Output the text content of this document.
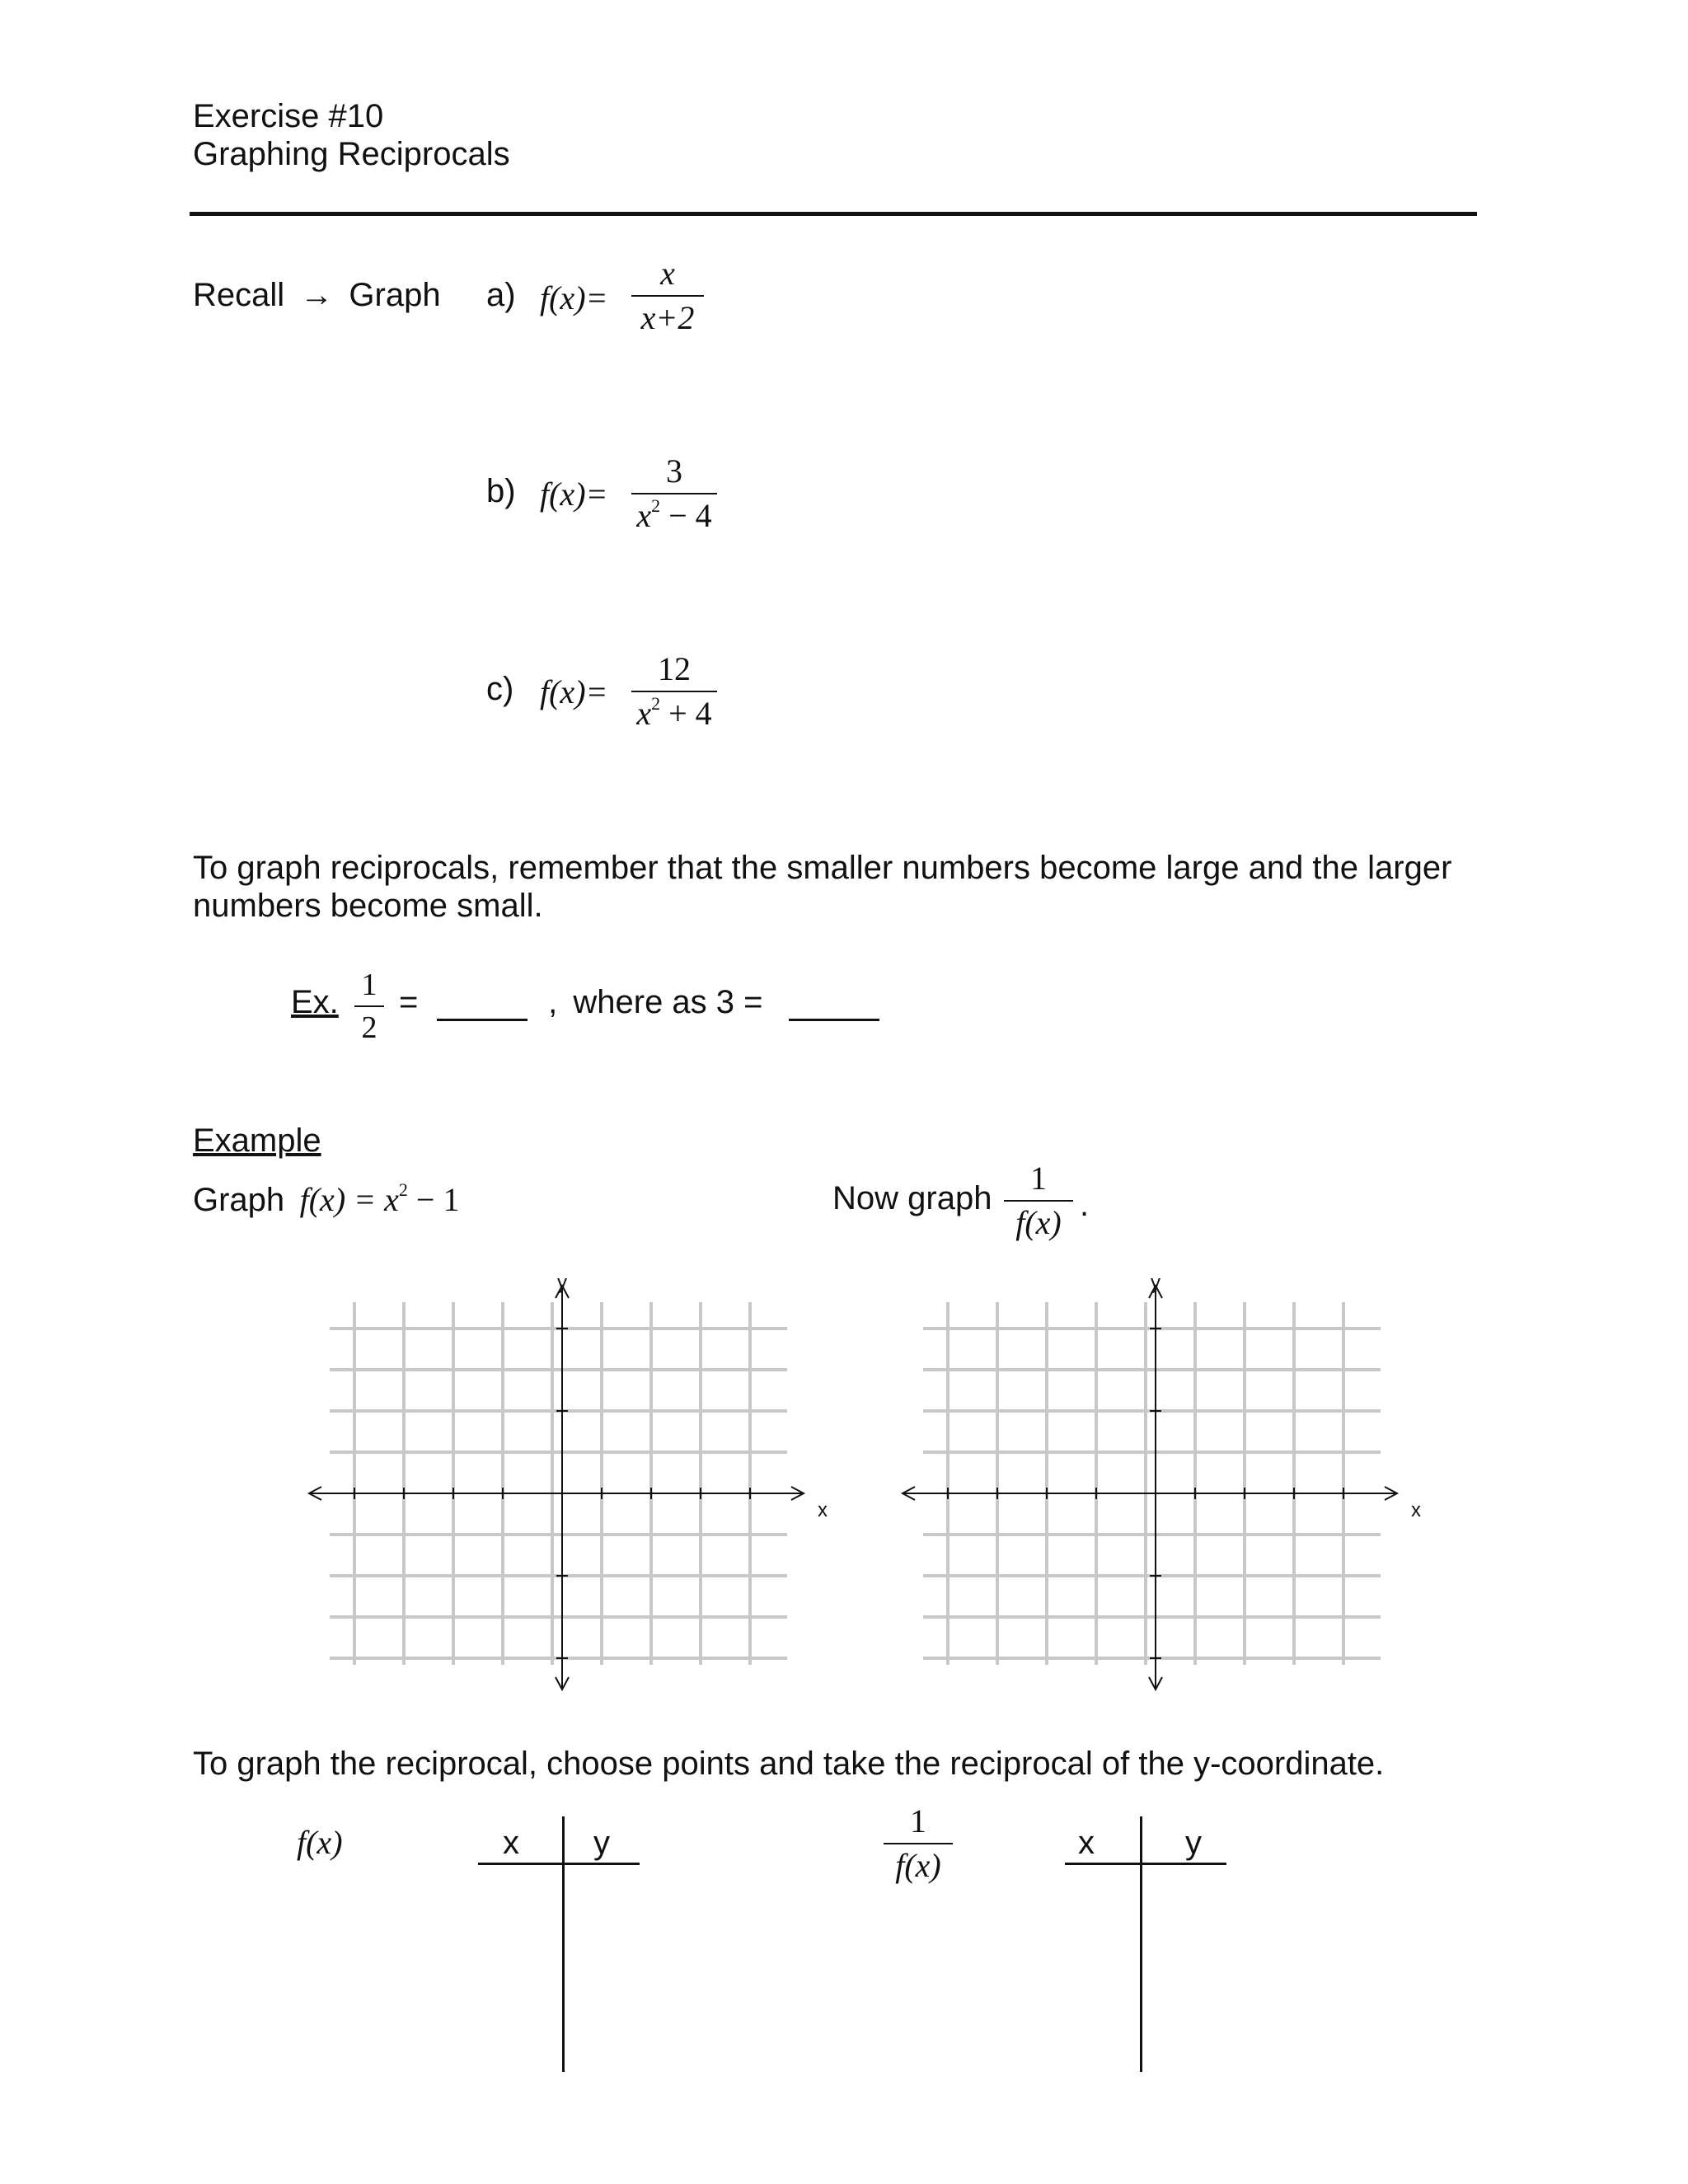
Exercise #10
Graphing Reciprocals
Recall → Graph a) f(x)=
x
x+2
b) f(x)=
3
$x^2 - 4$
c) f(x)=
12
$x^2 + 4$
To graph reciprocals, remember that the smaller numbers become large and the larger
numbers become small.
Ex. 1
2
=	, where as 3 =
Example
Graph $f(x) = x^2 - 1$	Now graph
1
f(x) .
x
y
x
y
To graph the reciprocal, choose points and take the reciprocal of the y-coordinate.
f(x)	x y
1
f(x)
x	y
